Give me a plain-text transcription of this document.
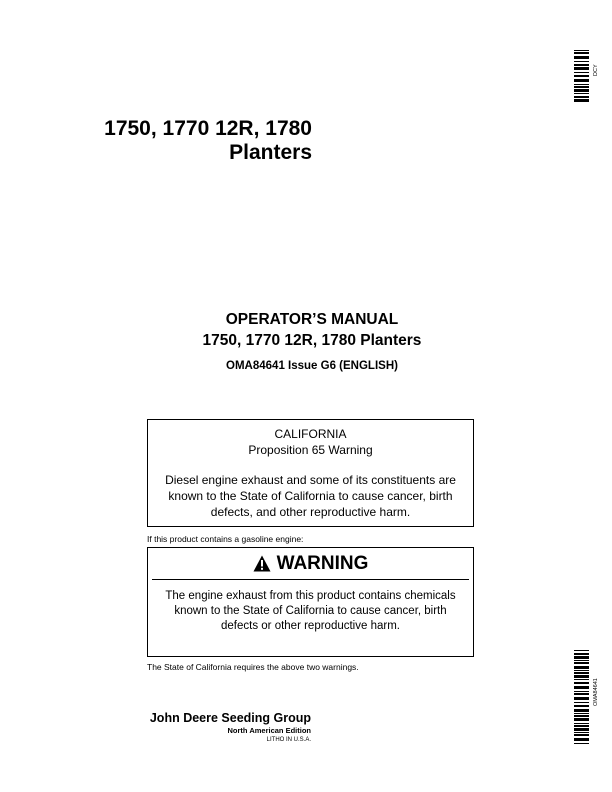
1750, 1770 12R, 1780
Planters
OPERATOR’S MANUAL
1750, 1770 12R, 1780 Planters
OMA84641 Issue G6 (ENGLISH)
CALIFORNIA
Proposition 65 Warning
Diesel engine exhaust and some of its constituents are
known to the State of California to cause cancer, birth
defects, and other reproductive harm.
If this product contains a gasoline engine:
WARNING
The engine exhaust from this product contains chemicals
known to the State of California to cause cancer, birth
defects or other reproductive harm.
The State of California requires the above two warnings.
John Deere Seeding Group
North American Edition
LITHO IN U.S.A.
DCY
OMA84641
